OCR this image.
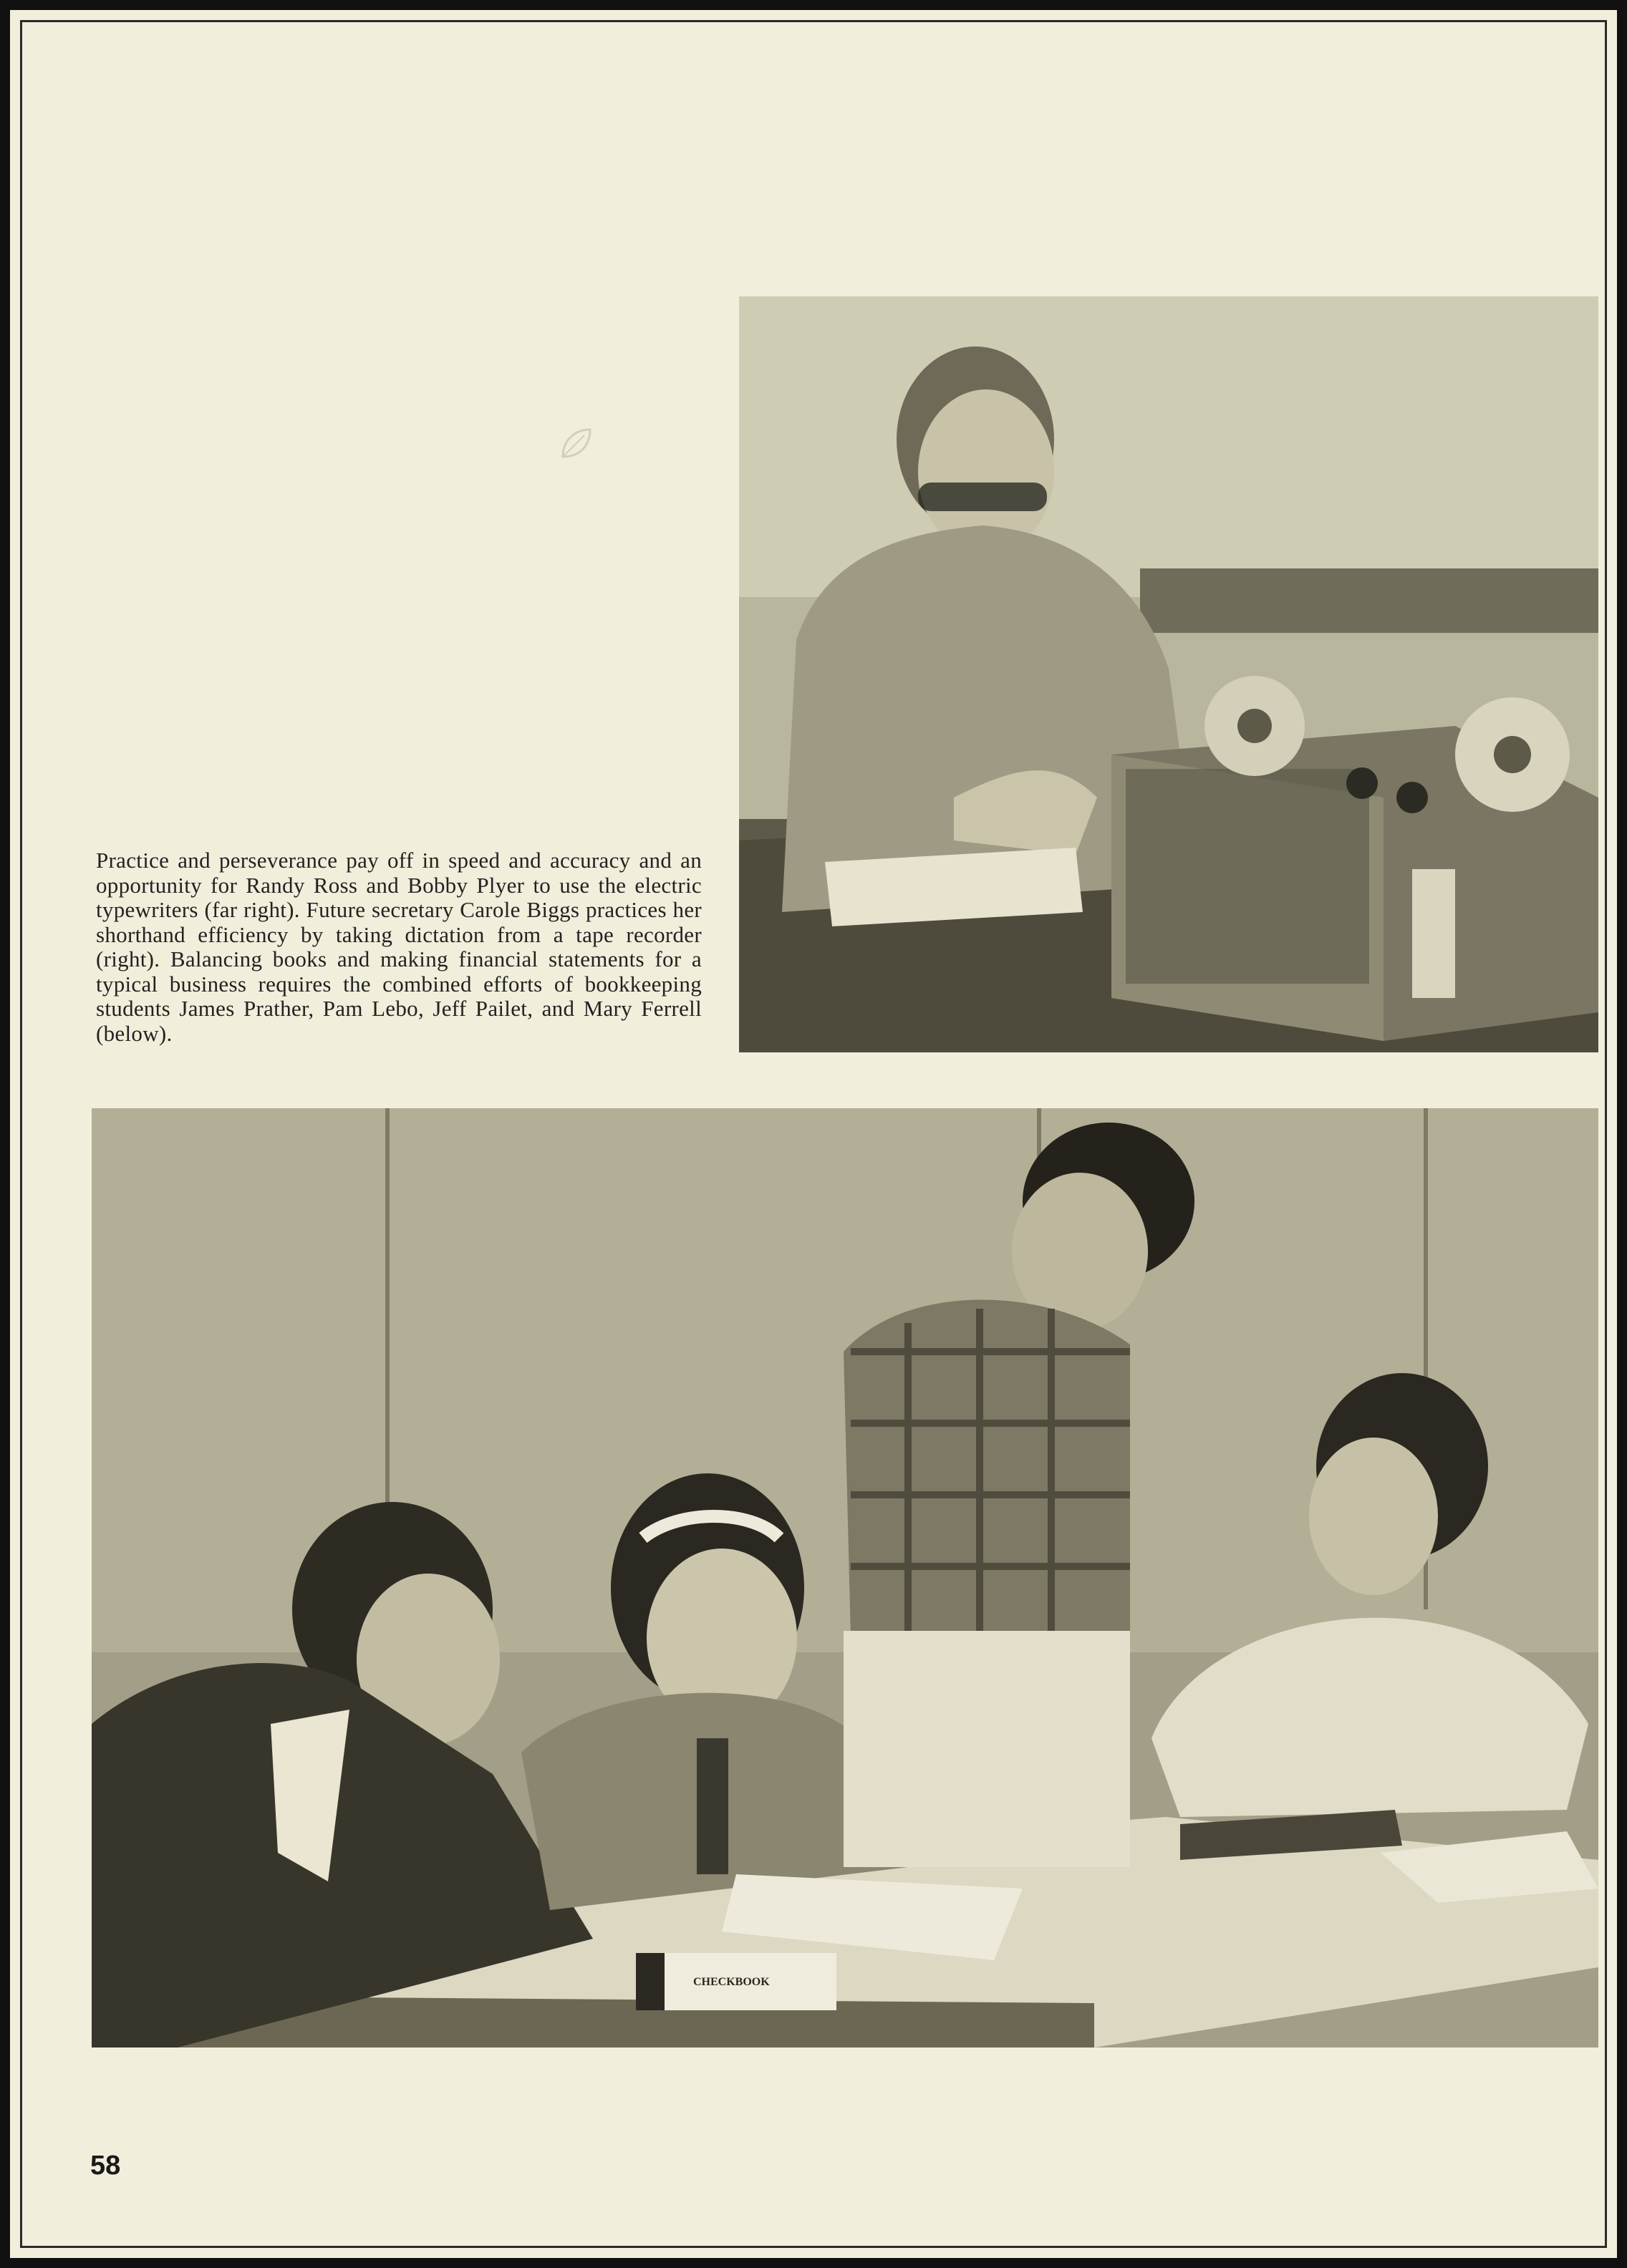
Practice and perseverance pay off in speed and accuracy and an opportunity for Randy Ross and Bobby Plyer to use the electric typewriters (far right). Future secretary Carole Biggs practices her shorthand efficiency by taking dictation from a tape recorder (right). Balancing books and making financial statements for a typical business requires the combined efforts of bookkeeping students James Prather, Pam Lebo, Jeff Pailet, and Mary Ferrell (below).

CHECKBOOK
58
